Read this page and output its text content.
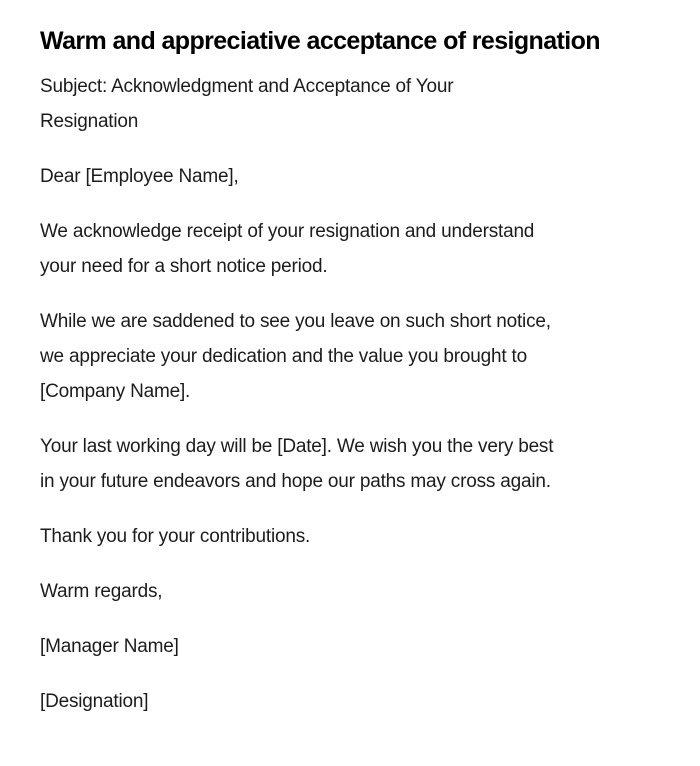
Warm and appreciative acceptance of resignation

Subject: Acknowledgment and Acceptance of Your
Resignation

Dear [Employee Name],

We acknowledge receipt of your resignation and understand
your need for a short notice period.

While we are saddened to see you leave on such short notice,
we appreciate your dedication and the value you brought to
[Company Name].

Your last working day will be [Date]. We wish you the very best
in your future endeavors and hope our paths may cross again.

Thank you for your contributions.

Warm regards,

[Manager Name]

[Designation]
